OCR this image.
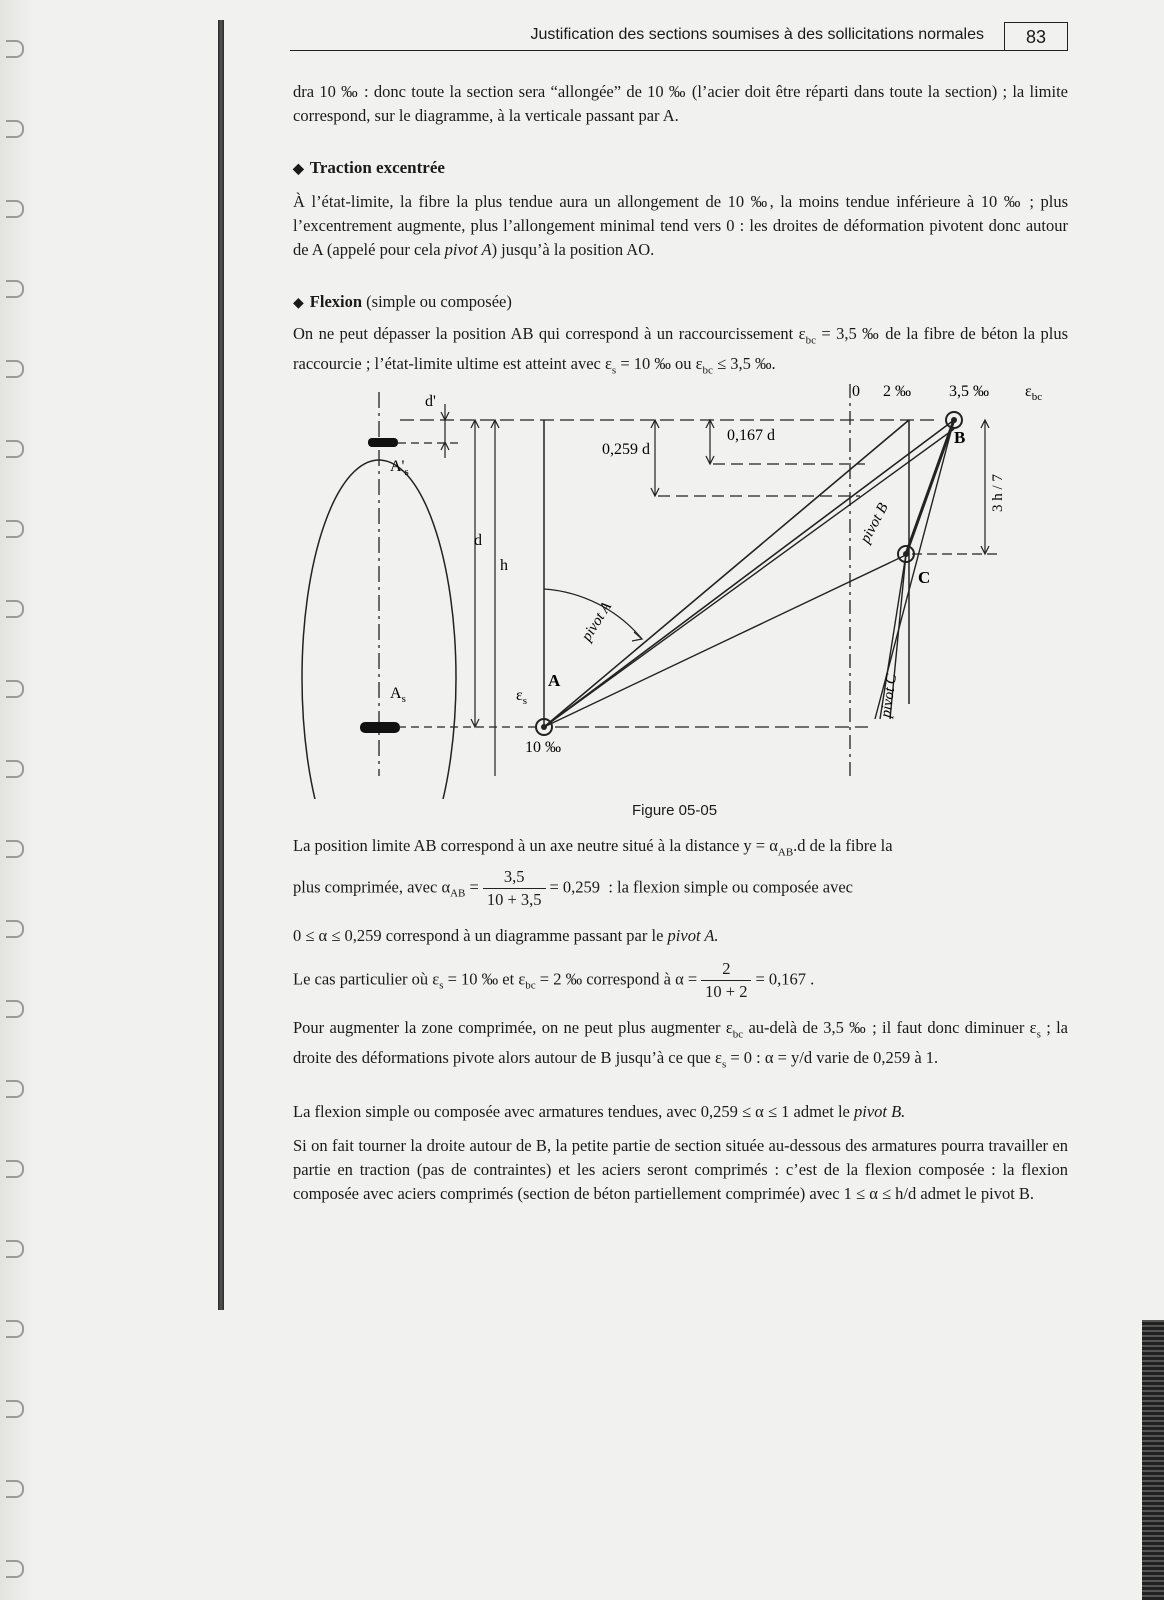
Justification des sections soumises à des sollicitations normales	83
dra 10 ‰ : donc toute la section sera “allongée” de 10 ‰ (l’acier doit être réparti dans toute la section) ; la limite correspond, sur le diagramme, à la verticale passant par A.
◆ Traction excentrée
À l’état-limite, la fibre la plus tendue aura un allongement de 10 ‰, la moins tendue inférieure à 10 ‰ ; plus l’excentrement augmente, plus l’allongement minimal tend vers 0 : les droites de déformation pivotent donc autour de A (appelé pour cela pivot A) jusqu’à la position AO.
◆ Flexion (simple ou composée)
On ne peut dépasser la position AB qui correspond à un raccourcissement $\varepsilon_{bc} = 3,5$ ‰ de la fibre de béton la plus raccourcie ; l’état-limite ultime est atteint avec $\varepsilon_s = 10$ ‰ ou $\varepsilon_{bc} \le 3,5$ ‰.
d'
$A'_s$
$A_s$
d
h
0,259 d
0,167 d
0 2 ‰ 3,5 ‰ $\varepsilon_{bc}$
$\varepsilon_s$
10 ‰
A
B
C
3 h / 7
pivot A
pivot B
pivot C
Figure 05-05
La position limite AB correspond à un axe neutre situé à la distance $y = \alpha_{AB}.d$ de la fibre la
plus comprimée, avec $\alpha_{AB} = \frac{3,5}{10 + 3,5} = 0,259$ : la flexion simple ou composée avec
0 ≤ α ≤ 0,259 correspond à un diagramme passant par le pivot A.
Le cas particulier où $\varepsilon_s = 10$ ‰ et $\varepsilon_{bc} = 2$ ‰ correspond à $\alpha = \frac{2}{10 + 2} = 0,167$ .
Pour augmenter la zone comprimée, on ne peut plus augmenter $\varepsilon_{bc}$ au-delà de 3,5 ‰ ; il faut donc diminuer $\varepsilon_s$ ; la droite des déformations pivote alors autour de B jusqu’à ce que $\varepsilon_s = 0$ : α = y/d varie de 0,259 à 1.
La flexion simple ou composée avec armatures tendues, avec 0,259 ≤ α ≤ 1 admet le pivot B.
Si on fait tourner la droite autour de B, la petite partie de section située au-dessous des armatures pourra travailler en partie en traction (pas de contraintes) et les aciers seront comprimés : c’est de la flexion composée : la flexion composée avec aciers comprimés (section de béton partiellement comprimée) avec 1 ≤ α ≤ h/d admet le pivot B.
